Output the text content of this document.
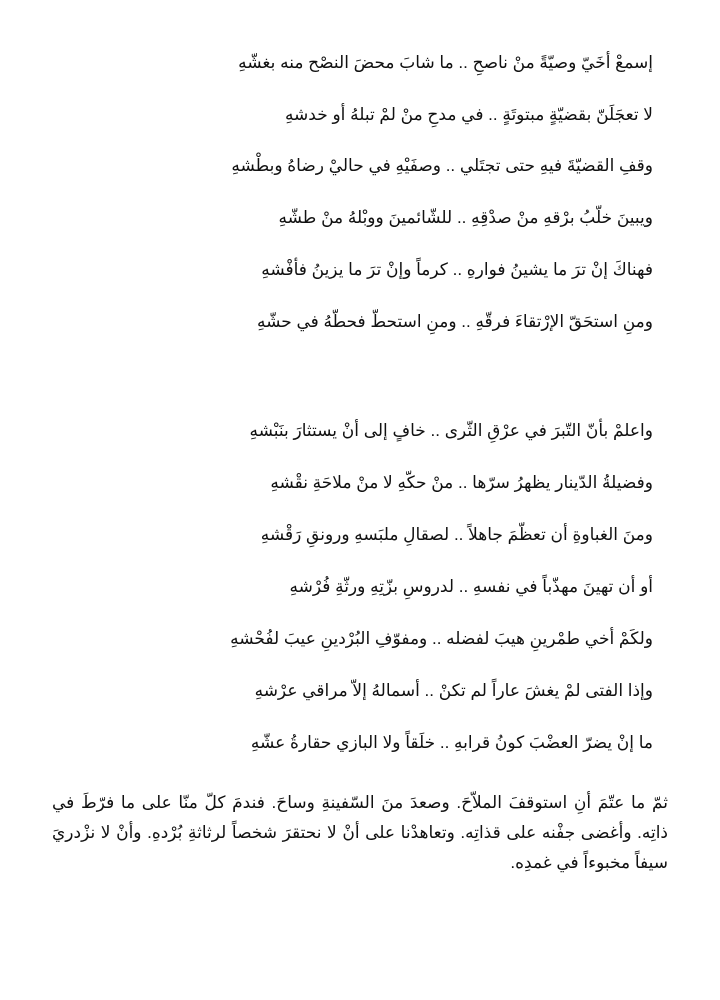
إسمعْ أخَيّ وصيّةً منْ ناصحِ .. ما شابَ محضَ النصْح منه بغشّهِ
لا تعجَلَنّ بقضيّةٍ مبتوتَةٍ .. في مدحِ منْ لمْ تبلهُ أو خدشهِ
وقفِ القضيّةَ فيهِ حتى تجتَلي .. وصفَيْهِ في حاليْ رضاهُ وبطْشهِ
ويبينَ خلّبُ برْقهِ منْ صدْقِهِ .. للشّائمينَ ووبْلهُ منْ طشّهِ
فهناكَ إنْ ترَ ما يشينُ فوارهِ .. كرماً وإنْ ترَ ما يزينُ فأفْشهِ
ومنِ استحَقّ الإرْتقاءَ فرقّهِ .. ومنِ استحطّ فحطّهُ في حشّهِ
واعلمْ بأنّ التّبرَ في عرْقِ الثّرى .. خافٍ إلى أنْ يستثارَ بنَبْشهِ
وفضيلةُ الدّينار يظهرُ سرّها .. منْ حكّهِ لا منْ ملاحَةِ نقْشهِ
ومنَ الغباوةِ أن تعظّمَ جاهلاً .. لصقالِ ملبَسهِ ورونقِ رَقْشهِ
أو أن تهينَ مهذّباً في نفسهِ .. لدروسِ بزّتِهِ ورثّةِ فُرْشهِ
ولكَمْ أخي طمْرينِ هيبَ لفضله .. ومفوّفِ البُرْدينِ عيبَ لفُحْشهِ
وإذا الفتى لمْ يغشَ عاراً لم تكنْ .. أسمالهُ إلاّ مراقي عرْشهِ
ما إنْ يضرّ العضْبَ كونُ قرابهِ .. خلَقاً ولا البازي حقارةُ عشّهِ

ثمّ ما عتّمَ أنِ استوقفَ الملاّحَ. وصعدَ منَ السّفينةِ وساحَ. فندمَ كلّ منّا على ما فرّطَ في ذاتِه. وأغضى جفْنه على قذاتِه. وتعاهدْنا على أنْ لا نحتقرَ شخصاً لرثاثةِ بُرْدهِ. وأنْ لا نزْدريَ سيفاً مخبوءاً في غمدِه.
